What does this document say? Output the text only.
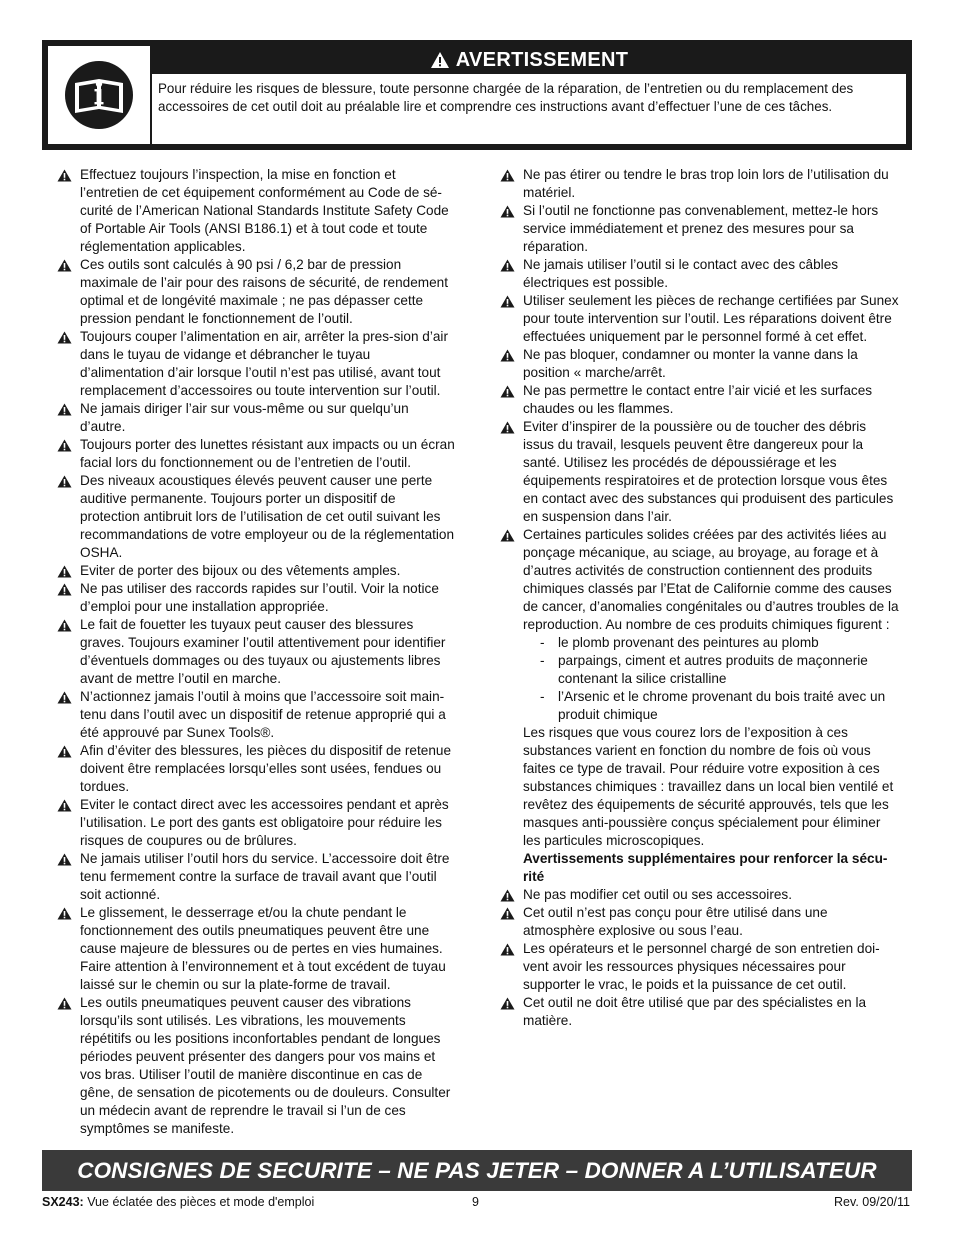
AVERTISSEMENT
Pour réduire les risques de blessure, toute personne chargée de la réparation, de l’entretien ou du remplacement des accessoires de cet outil doit au préalable lire et comprendre ces instructions avant d’effectuer l’une de ces tâches.
Effectuez toujours l’inspection, la mise en fonction et l’entretien de cet équipement conformément au Code de sé-curité de l’American National Standards Institute Safety Code of Portable Air Tools (ANSI B186.1) et à tout code et toute réglementation applicables.
Ces outils sont calculés à 90 psi / 6,2 bar de pression maximale de l’air pour des raisons de sécurité, de rendement optimal et de longévité maximale ; ne pas dépasser cette pression pendant le fonctionnement de l’outil.
Toujours couper l’alimentation en air, arrêter la pres-sion d’air dans le tuyau de vidange et débrancher le tuyau d’alimentation d’air lorsque l’outil n’est pas utilisé, avant tout remplacement d’accessoires ou toute intervention sur l’outil.
Ne jamais diriger l’air sur vous-même ou sur quelqu’un d’autre.
Toujours porter des lunettes résistant aux impacts ou un écran facial lors du fonctionnement ou de l’entretien de l’outil.
Des niveaux acoustiques élevés peuvent causer une perte auditive permanente. Toujours porter un dispositif de protection antibruit lors de l’utilisation de cet outil suivant les recommandations de votre employeur ou de la réglementation OSHA.
Eviter de porter des bijoux ou des vêtements amples.
Ne pas utiliser des raccords rapides sur l’outil. Voir la notice d’emploi pour une installation appropriée.
Le fait de fouetter les tuyaux peut causer des blessures graves. Toujours examiner l’outil attentivement pour identifier d’éventuels dommages ou des tuyaux ou ajustements libres avant de mettre l’outil en marche.
N’actionnez jamais l’outil à moins que l’accessoire soit main-tenu dans l’outil avec un dispositif de retenue approprié qui a été approuvé par Sunex Tools®.
Afin d’éviter des blessures, les pièces du dispositif de retenue doivent être remplacées lorsqu’elles sont usées, fendues ou tordues.
Eviter le contact direct avec les accessoires pendant et après l’utilisation. Le port des gants est obligatoire pour réduire les risques de coupures ou de brûlures.
Ne jamais utiliser l’outil hors du service. L’accessoire doit être tenu fermement contre la surface de travail avant que l’outil soit actionné.
Le glissement, le desserrage et/ou la chute pendant le fonctionnement des outils pneumatiques peuvent être une cause majeure de blessures ou de pertes en vies humaines. Faire attention à l’environnement et à tout excédent de tuyau laissé sur le chemin ou sur la plate-forme de travail.
Les outils pneumatiques peuvent causer des vibrations lorsqu’ils sont utilisés. Les vibrations, les mouvements répétitifs ou les positions inconfortables pendant de longues périodes peuvent présenter des dangers pour vos mains et vos bras. Utiliser l’outil de manière discontinue en cas de gêne, de sensation de picotements ou de douleurs. Consulter un médecin avant de reprendre le travail si l’un de ces symptômes se manifeste.
Ne pas étirer ou tendre le bras trop loin lors de l’utilisation du matériel.
Si l’outil ne fonctionne pas convenablement, mettez-le hors service immédiatement et prenez des mesures pour sa réparation.
Ne jamais utiliser l’outil si le contact avec des câbles électriques est possible.
Utiliser seulement les pièces de rechange certifiées par Sunex pour toute intervention sur l’outil. Les réparations doivent être effectuées uniquement par le personnel formé à cet effet.
Ne pas bloquer, condamner ou monter la vanne dans la position « marche/arrêt.
Ne pas permettre le contact entre l’air vicié et les surfaces chaudes ou les flammes.
Eviter d’inspirer de la poussière ou de toucher des débris issus du travail, lesquels peuvent être dangereux pour la santé. Utilisez les procédés de dépoussiérage et les équipements respiratoires et de protection lorsque vous êtes en contact avec des substances qui produisent des particules en suspension dans l’air.
Certaines particules solides créées par des activités liées au ponçage mécanique, au sciage, au broyage, au forage et à d’autres activités de construction contiennent des produits chimiques classés par l’Etat de Californie comme des causes de cancer, d’anomalies congénitales ou d’autres troubles de la reproduction. Au nombre de ces produits chimiques figurent :
- le plomb provenant des peintures au plomb
- parpaings, ciment et autres produits de maçonnerie contenant la silice cristalline
- l’Arsenic et le chrome provenant du bois traité avec un produit chimique
Les risques que vous courez lors de l’exposition à ces substances varient en fonction du nombre de fois où vous faites ce type de travail. Pour réduire votre exposition à ces substances chimiques : travaillez dans un local bien ventilé et revêtez des équipements de sécurité approuvés, tels que les masques anti-poussière conçus spécialement pour éliminer les particules microscopiques.
Avertissements supplémentaires pour renforcer la sécu-rité
Ne pas modifier cet outil ou ses accessoires.
Cet outil n’est pas conçu pour être utilisé dans une atmosphère explosive ou sous l’eau.
Les opérateurs et le personnel chargé de son entretien doi-vent avoir les ressources physiques nécessaires pour supporter le vrac, le poids et la puissance de cet outil.
Cet outil ne doit être utilisé que par des spécialistes en la matière.
CONSIGNES DE SECURITE – NE PAS JETER – DONNER A L’UTILISATEUR
SX243: Vue éclatée des pièces et mode d'emploi	9	Rev. 09/20/11
